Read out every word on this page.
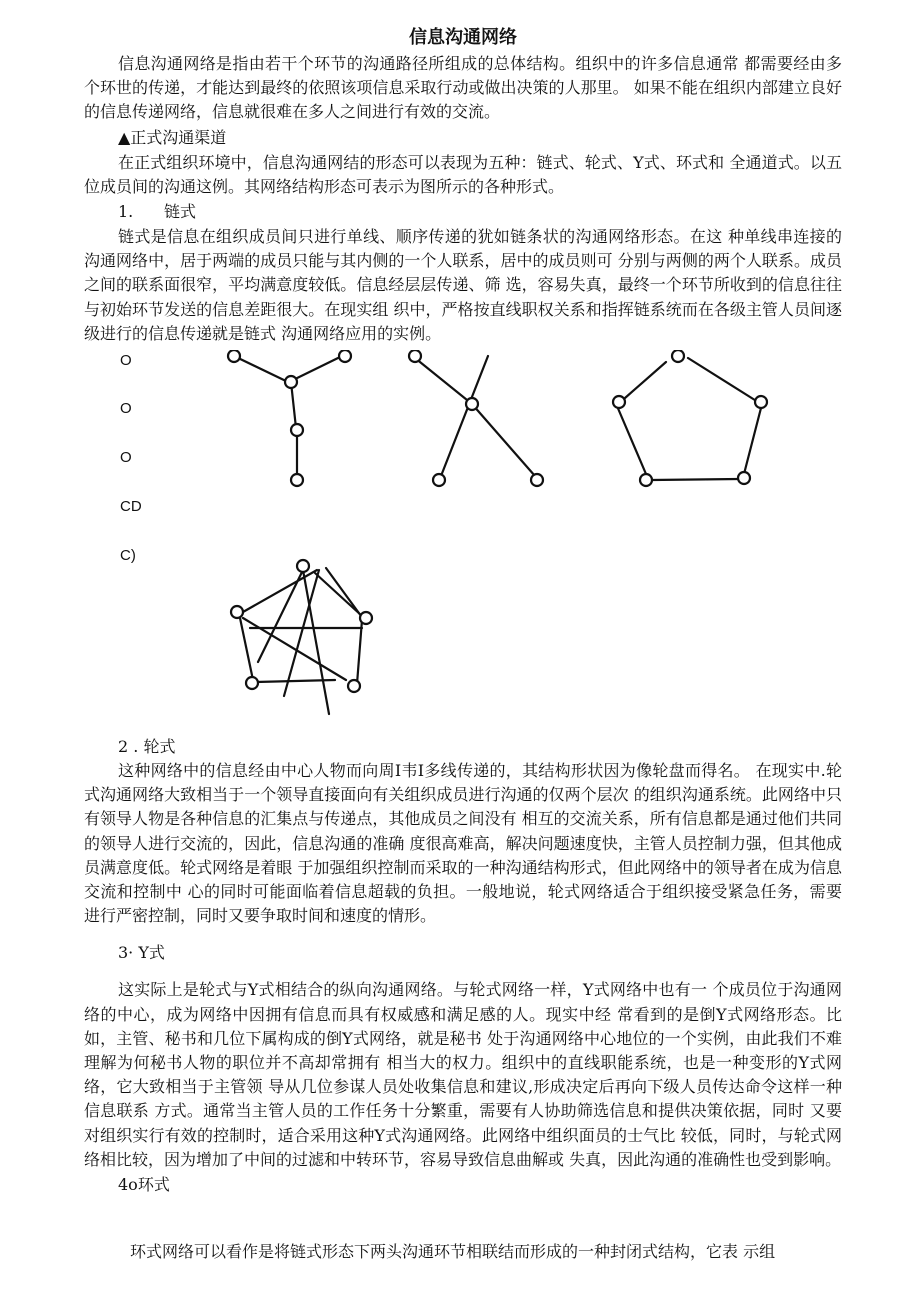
信息沟通网络

信息沟通网络是指由若干个环节的沟通路径所组成的总体结构。组织中的许多信息通常 都需要经由多个环世的传递，才能达到最终的依照该项信息采取行动或做出决策的人那里。 如果不能在组织内部建立良好的信息传递网络，信息就很难在多人之间进行有效的交流。

▲正式沟通渠道

在正式组织环境中，信息沟通网结的形态可以表现为五种：链式、轮式、Y式、环式和 全通道式。以五位成员间的沟通这例。其网络结构形态可表示为图所示的各种形式。

1. 链式

链式是信息在组织成员间只进行单线、顺序传递的犹如链条状的沟通网络形态。在这 种单线串连接的沟通网络中，居于两端的成员只能与其内侧的一个人联系，居中的成员则可 分别与两侧的两个人联系。成员之间的联系面很窄，平均满意度较低。信息经层层传递、筛 选，容易失真，最终一个环节所收到的信息往往与初始环节发送的信息差距很大。在现实组 织中，严格按直线职权关系和指挥链系统而在各级主管人员间逐级进行的信息传递就是链式 沟通网络应用的实例。

O
O
O
CD
C)
2 . 轮式

这种网络中的信息经由中心人物而向周I韦I多线传递的，其结构形状因为像轮盘而得名。 在现实中.轮式沟通网络大致相当于一个领导直接面向有关组织成员进行沟通的仅两个层次 的组织沟通系统。此网络中只有领导人物是各种信息的汇集点与传递点，其他成员之间没有 相互的交流关系，所有信息都是通过他们共同的领导人进行交流的，因此，信息沟通的准确 度很高难高，解决问题速度快，主管人员控制力强，但其他成员满意度低。轮式网络是着眼 于加强组织控制而采取的一种沟通结构形式，但此网络中的领导者在成为信息交流和控制中 心的同时可能面临着信息超载的负担。一般地说，轮式网络适合于组织接受紧急任务，需要 进行严密控制，同时又要争取时间和速度的情形。

3· Y式

这实际上是轮式与Y式相结合的纵向沟通网络。与轮式网络一样，Y式网络中也有一 个成员位于沟通网络的中心，成为网络中因拥有信息而具有权威感和满足感的人。现实中经 常看到的是倒Y式网络形态。比如，主管、秘书和几位下属构成的倒Y式网络，就是秘书 处于沟通网络中心地位的一个实例，由此我们不难理解为何秘书人物的职位并不高却常拥有 相当大的权力。组织中的直线职能系统，也是一种变形的Y式网络，它大致相当于主管领 导从几位参谋人员处收集信息和建议,形成决定后再向下级人员传达命令这样一种信息联系 方式。通常当主管人员的工作任务十分繁重，需要有人协助筛选信息和提供决策依据，同时 又要对组织实行有效的控制时，适合采用这种Y式沟通网络。此网络中组织面员的士气比 较低，同时，与轮式网络相比较，因为增加了中间的过滤和中转环节，容易导致信息曲解或 失真，因此沟通的准确性也受到影响。

4o环式
环式网络可以看作是将链式形态下两头沟通环节相联结而形成的一种封闭式结构，它表 示组
